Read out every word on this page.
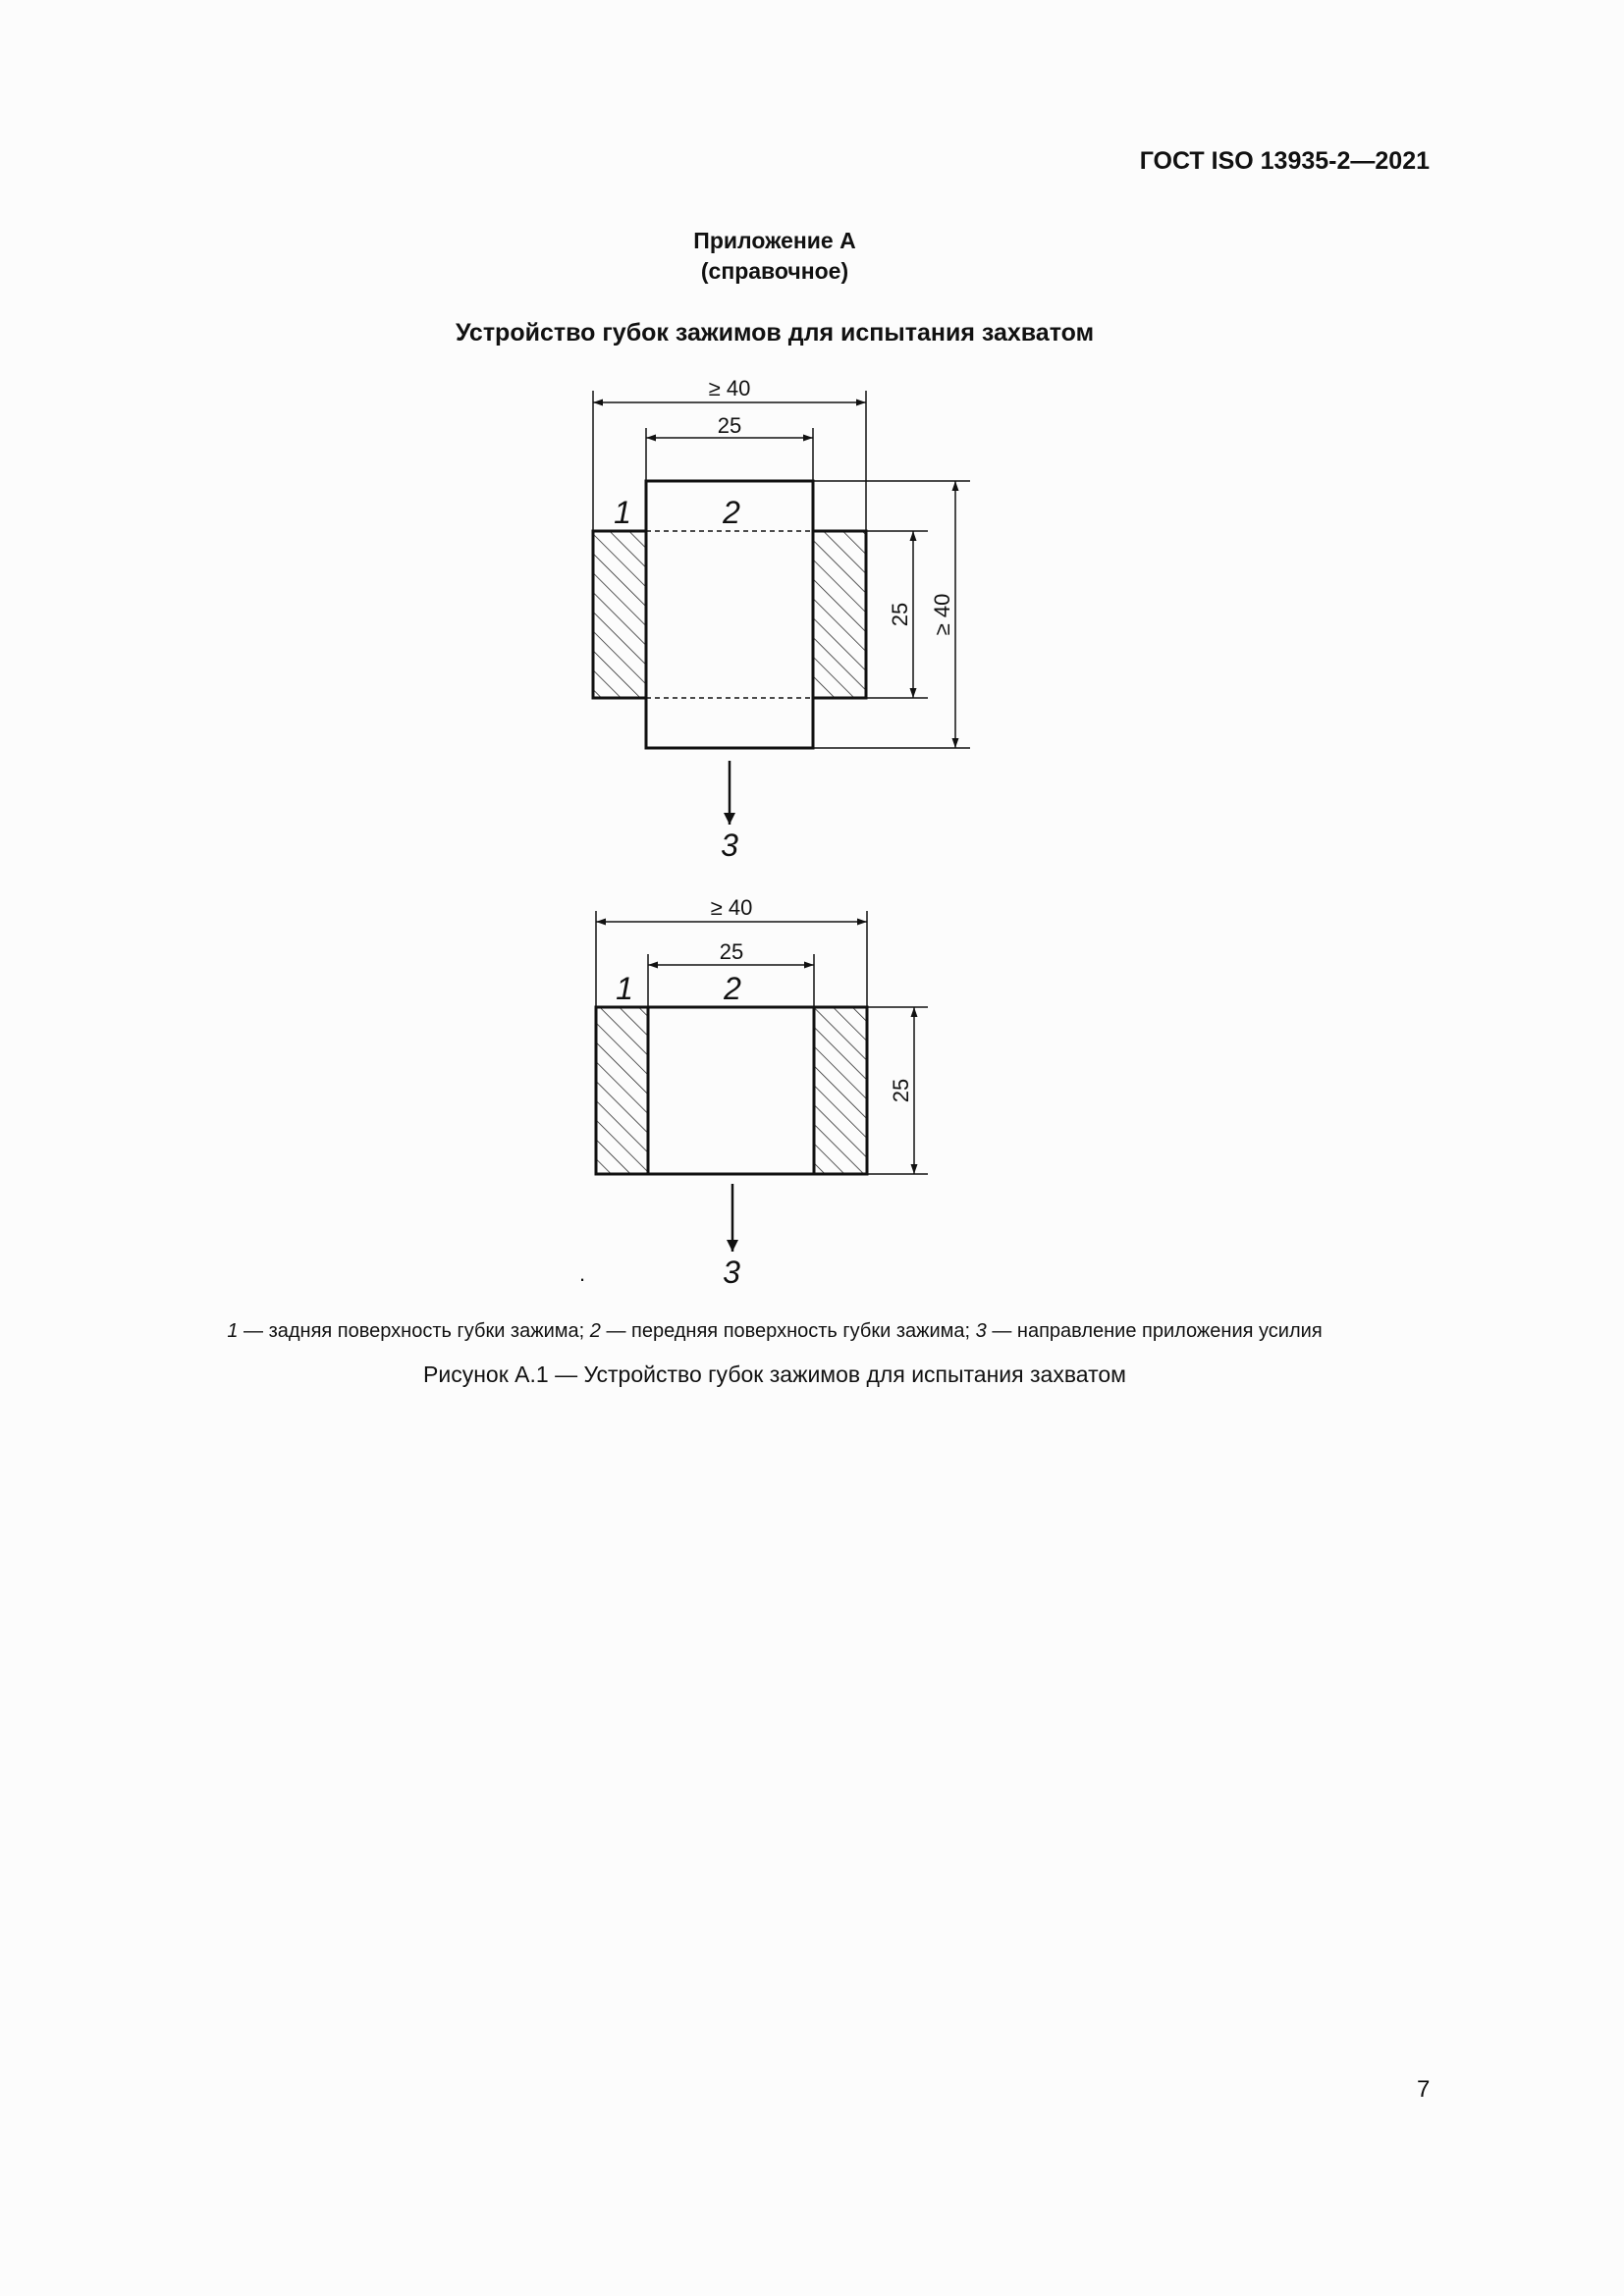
ГОСТ ISO 13935-2—2021
Приложение А
(справочное)
Устройство губок зажимов для испытания захватом
≥ 40
25
25 ≥ 40
1	2
3
≥ 40
25
25
1	2
3
.
1 — задняя поверхность губки зажима; 2 — передняя поверхность губки зажима; 3 — направление приложения усилия
Рисунок А.1 — Устройство губок зажимов для испытания захватом
7
